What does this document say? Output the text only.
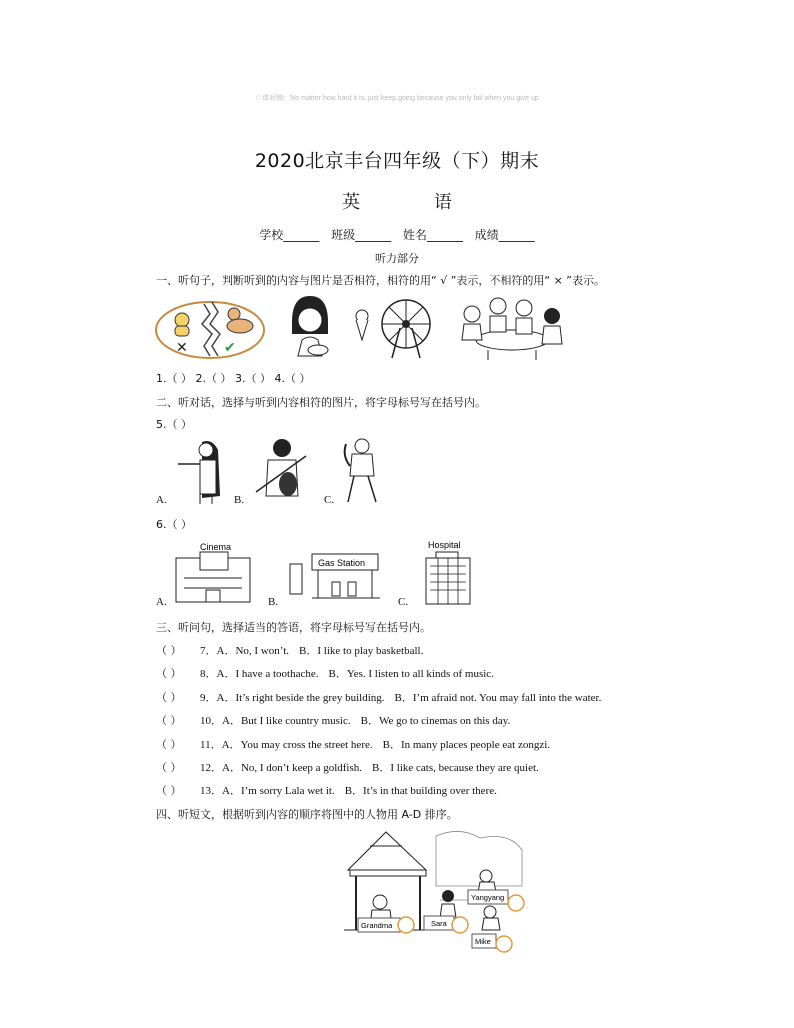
⊙课间侧：No matter how hard it is, just keep going because you only fail when you give up
2020北京丰台四年级（下）期末
英 语
学校______ 班级______ 姓名______ 成绩______
听力部分
一、听句子，判断听到的内容与图片是否相符，相符的用“ √ ”表示，不相符的用“ × ”表示。
✕	✔
1.（ ） 2.（ ） 3.（ ） 4.（ ）
二、听对话，选择与听到内容相符的图片，将字母标号写在括号内。
5.（ ）
A.	B.	C.
6.（ ）
A.	B.	C.
Cinema
Gas Station
Hospital
三、听问句，选择适当的答语，将字母标号写在括号内。
（ ） 7．A．No, I won’t. B．I like to play basketball.
（ ） 8．A．I have a toothache. B．Yes. I listen to all kinds of music.
（ ） 9．A．It’s right beside the grey building. B．I’m afraid not. You may fall into the water.
（ ） 10．A．But I like country music. B．We go to cinemas on this day.
（ ） 11．A．You may cross the street here. B．In many places people eat zongzi.
（ ） 12．A．No, I don’t keep a goldfish. B．I like cats, because they are quiet.
（ ） 13．A．I’m sorry Lala wet it. B．It’s in that building over there.
四、听短文，根据听到内容的顺序将图中的人物用 A-D 排序。
Grandma	Sara
Yangyang
Mike
